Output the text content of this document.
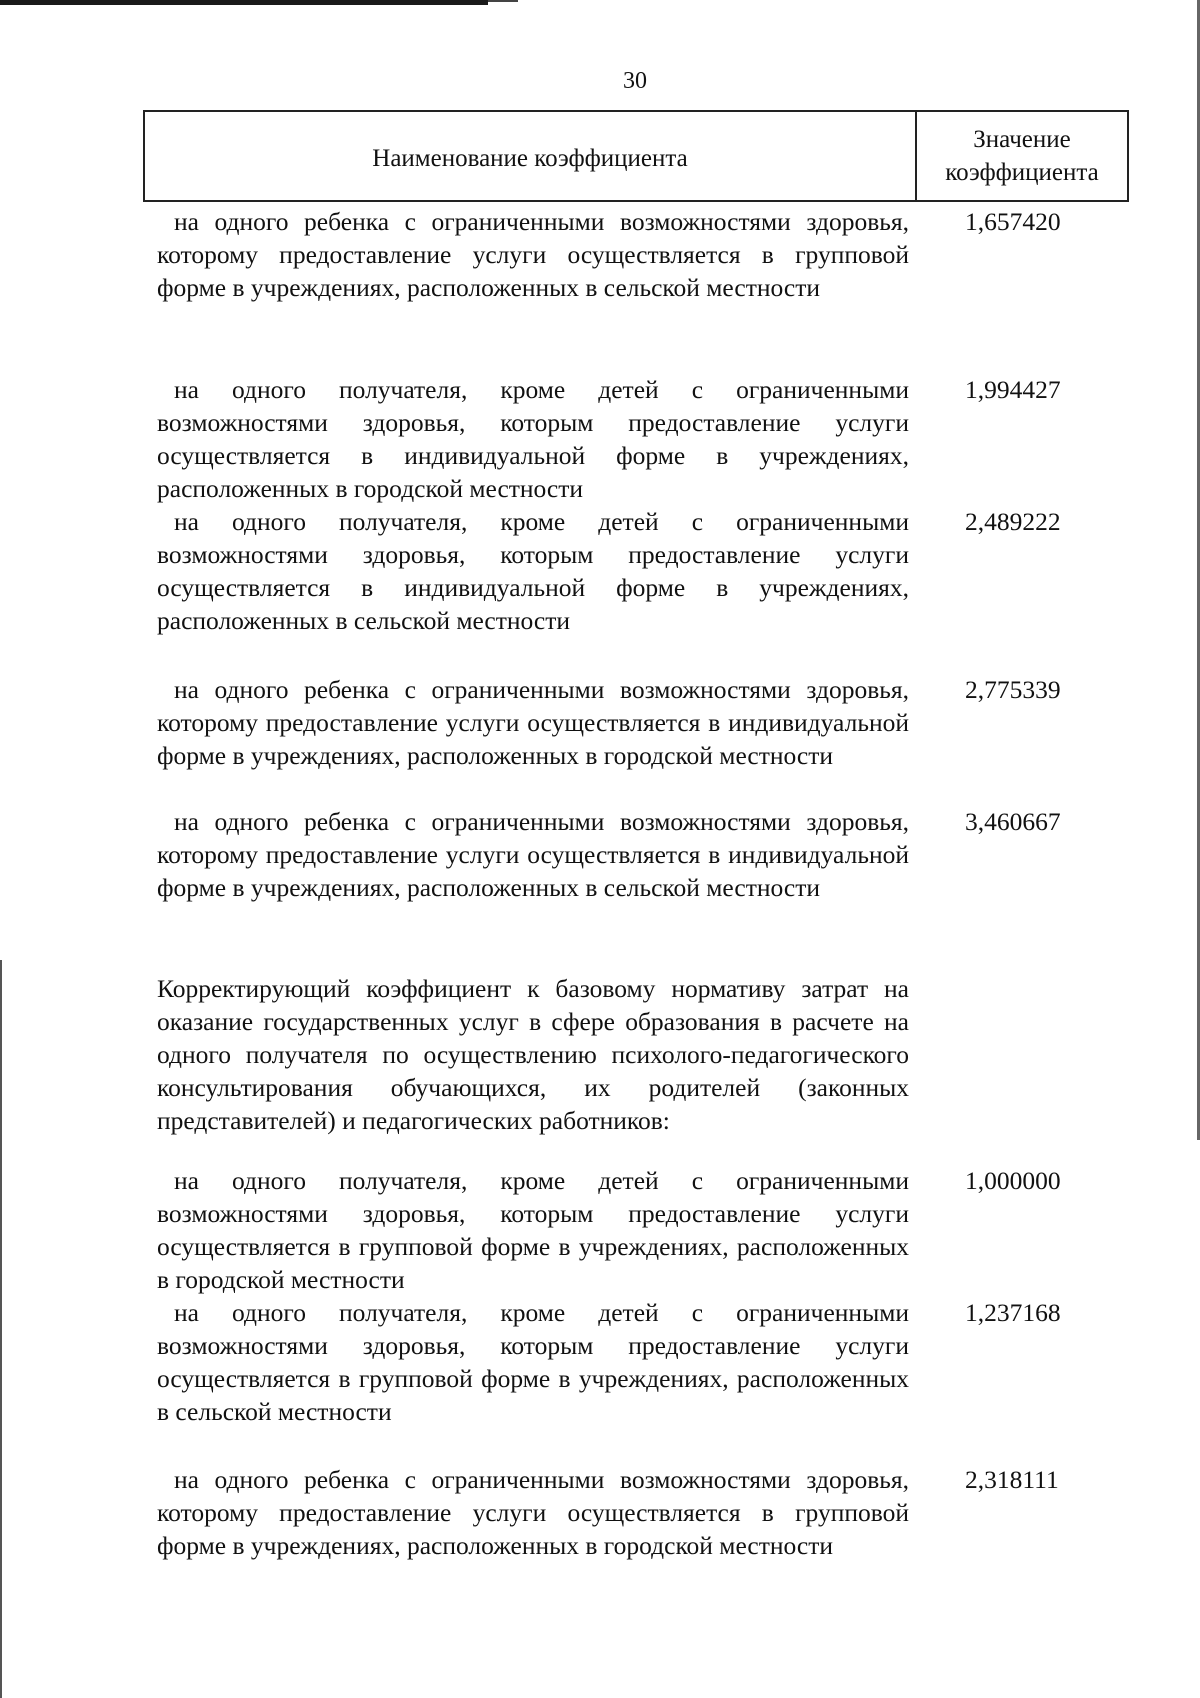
30
Наименование коэффициента
Значение коэффициента
на одного ребенка с ограниченными возможностями здоровья, которому предоставление услуги осуществляется в групповой форме в учреждениях, расположенных в сельской местности
1,657420
на одного получателя, кроме детей с ограниченными возможностями здоровья, которым предоставление услуги осуществляется в индивидуальной форме в учреждениях, расположенных в городской местности
1,994427
на одного получателя, кроме детей с ограниченными возможностями здоровья, которым предоставление услуги осуществляется в индивидуальной форме в учреждениях, расположенных в сельской местности
2,489222
на одного ребенка с ограниченными возможностями здоровья, которому предоставление услуги осуществляется в индивидуальной форме в учреждениях, расположенных в городской местности
2,775339
на одного ребенка с ограниченными возможностями здоровья, которому предоставление услуги осуществляется в индивидуальной форме в учреждениях, расположенных в сельской местности
3,460667
Корректирующий коэффициент к базовому нормативу затрат на оказание государственных услуг в сфере образования в расчете на одного получателя по осуществлению психолого-педагогического консультирования обучающихся, их родителей (законных представителей) и педагогических работников:
на одного получателя, кроме детей с ограниченными возможностями здоровья, которым предоставление услуги осуществляется в групповой форме в учреждениях, расположенных в городской местности
1,000000
на одного получателя, кроме детей с ограниченными возможностями здоровья, которым предоставление услуги осуществляется в групповой форме в учреждениях, расположенных в сельской местности
1,237168
на одного ребенка с ограниченными возможностями здоровья, которому предоставление услуги осуществляется в групповой форме в учреждениях, расположенных в городской местности
2,318111
